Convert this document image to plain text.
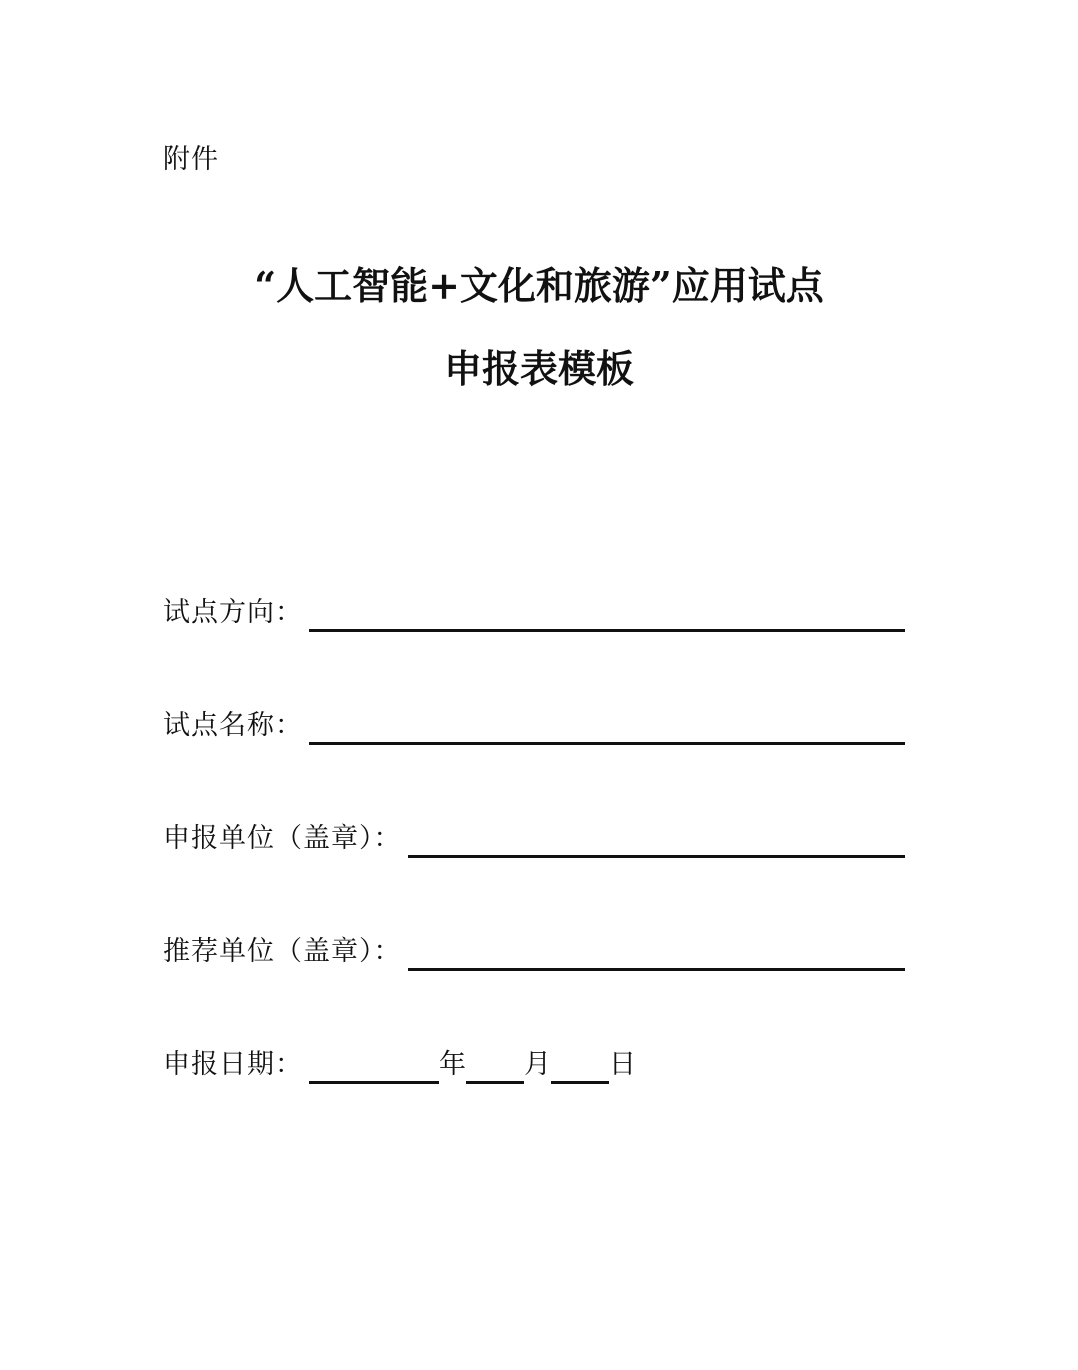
附件
“人工智能+文化和旅游”应用试点
申报表模板
试点方向：
试点名称：
申报单位（盖章）：
推荐单位（盖章）：
申报日期：	年 月 日
